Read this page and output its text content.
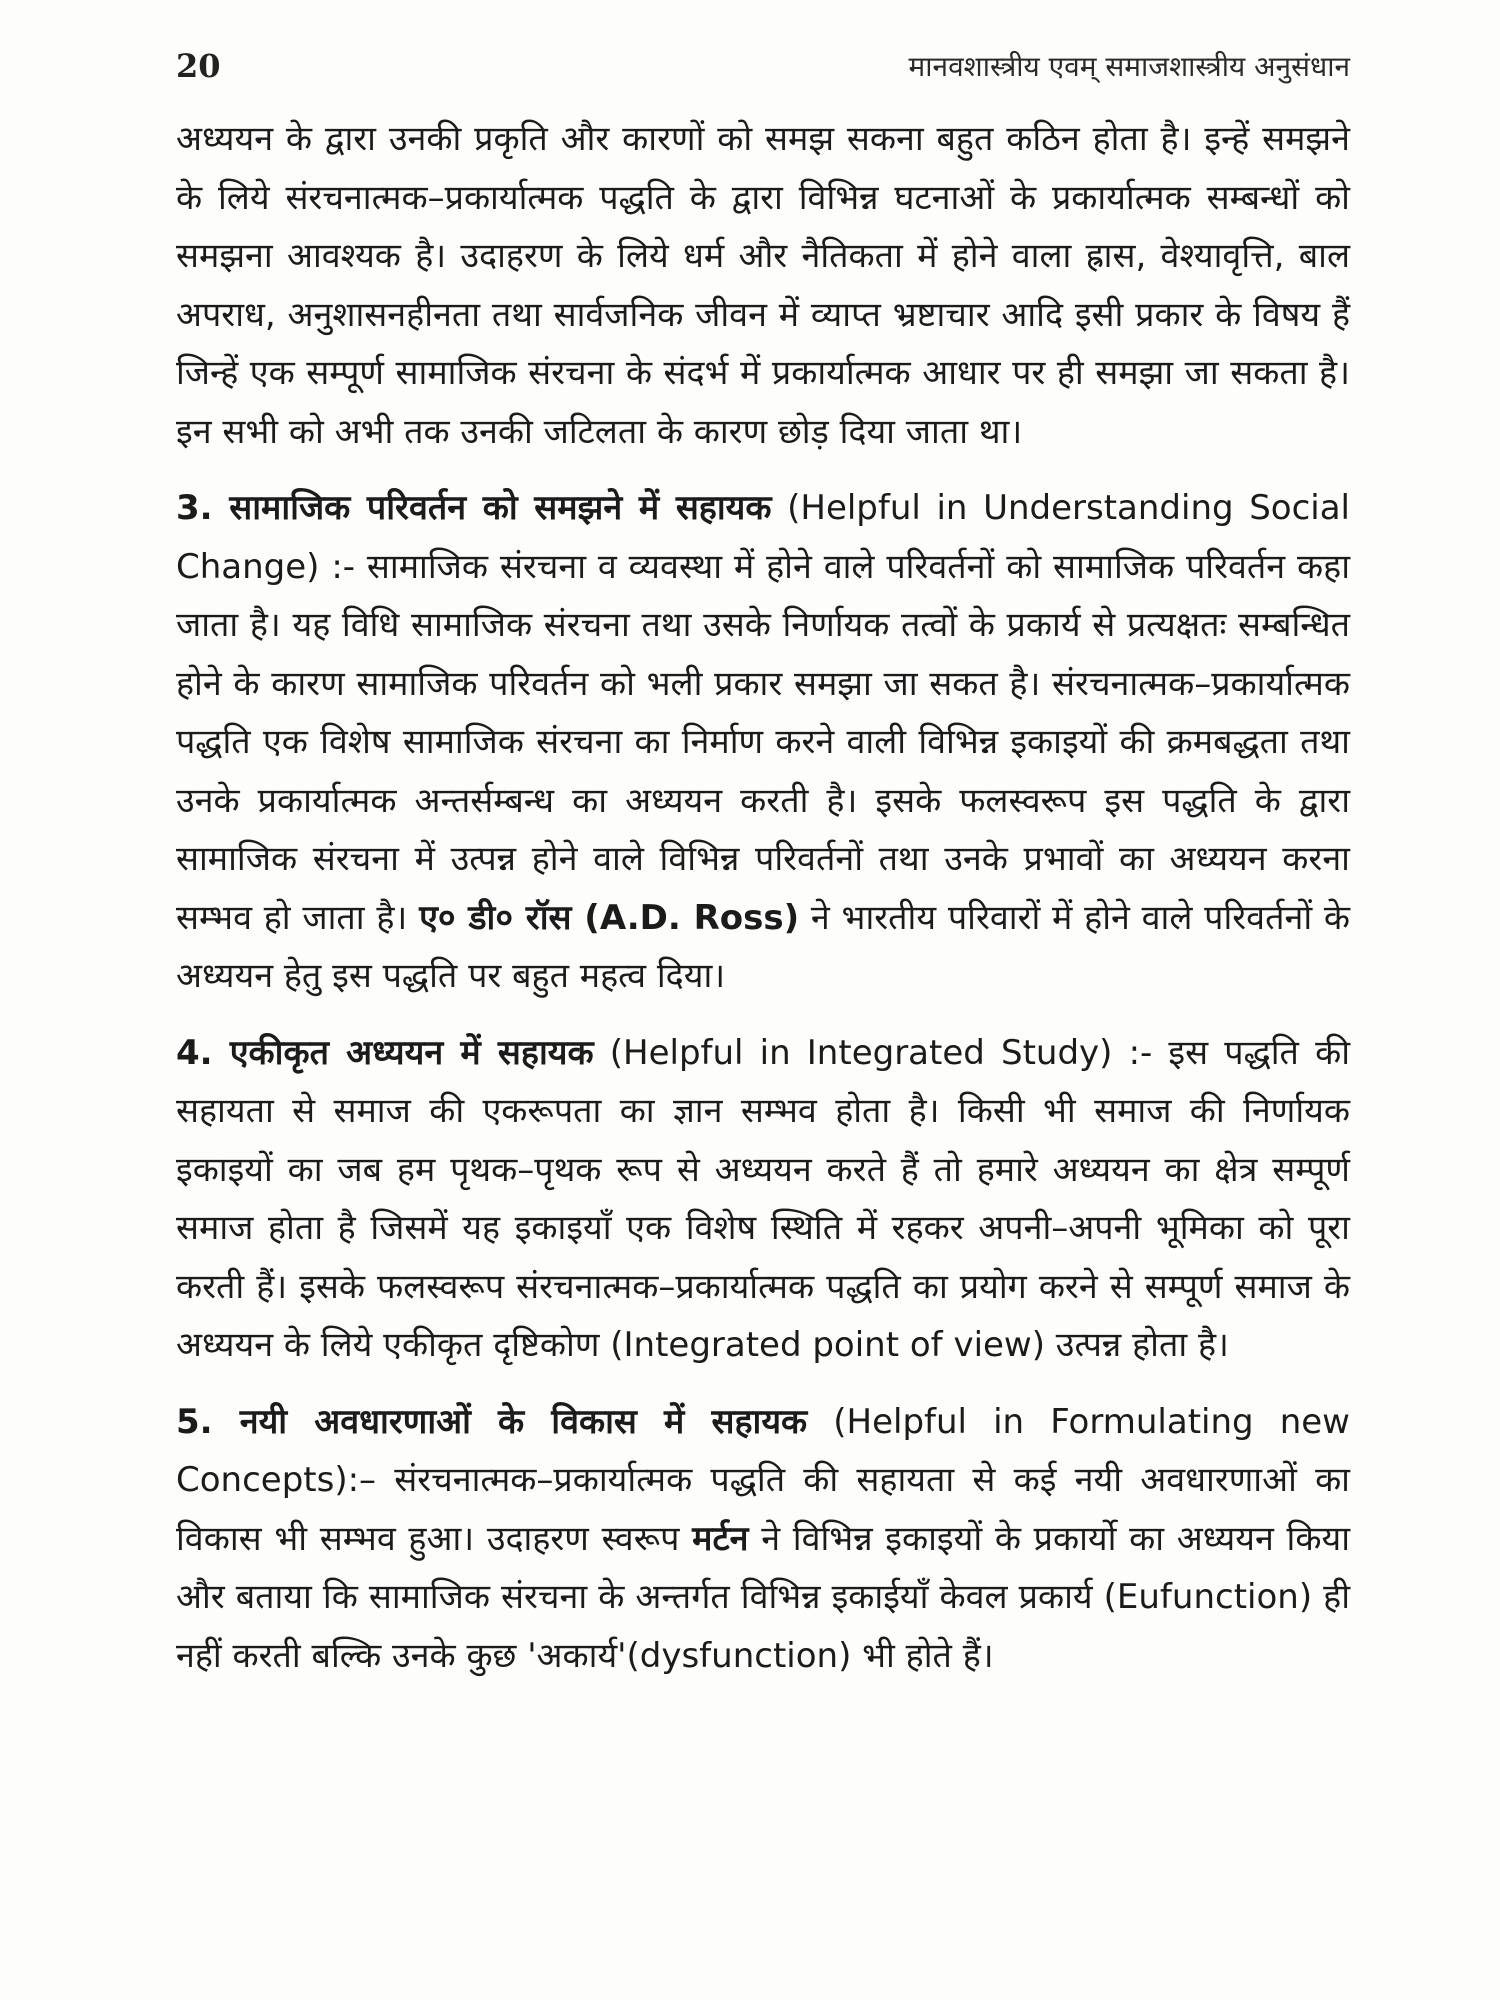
20	मानवशास्त्रीय एवम् समाजशास्त्रीय अनुसंधान

अध्ययन के द्वारा उनकी प्रकृति और कारणों को समझ सकना बहुत कठिन होता है। इन्हें समझने के लिये संरचनात्मक–प्रकार्यात्मक पद्धति के द्वारा विभिन्न घटनाओं के प्रकार्यात्मक सम्बन्धों को समझना आवश्यक है। उदाहरण के लिये धर्म और नैतिकता में होने वाला ह्रास, वेश्यावृत्ति, बाल अपराध, अनुशासनहीनता तथा सार्वजनिक जीवन में व्याप्त भ्रष्टाचार आदि इसी प्रकार के विषय हैं जिन्हें एक सम्पूर्ण सामाजिक संरचना के संदर्भ में प्रकार्यात्मक आधार पर ही समझा जा सकता है। इन सभी को अभी तक उनकी जटिलता के कारण छोड़ दिया जाता था।

3. सामाजिक परिवर्तन को समझने में सहायक (Helpful in Understanding Social Change) :- सामाजिक संरचना व व्यवस्था में होने वाले परिवर्तनों को सामाजिक परिवर्तन कहा जाता है। यह विधि सामाजिक संरचना तथा उसके निर्णायक तत्वों के प्रकार्य से प्रत्यक्षतः सम्बन्धित होने के कारण सामाजिक परिवर्तन को भली प्रकार समझा जा सकत है। संरचनात्मक–प्रकार्यात्मक पद्धति एक विशेष सामाजिक संरचना का निर्माण करने वाली विभिन्न इकाइयों की क्रमबद्धता तथा उनके प्रकार्यात्मक अन्तर्सम्बन्ध का अध्ययन करती है। इसके फलस्वरूप इस पद्धति के द्वारा सामाजिक संरचना में उत्पन्न होने वाले विभिन्न परिवर्तनों तथा उनके प्रभावों का अध्ययन करना सम्भव हो जाता है। ए० डी० रॉस (A.D. Ross) ने भारतीय परिवारों में होने वाले परिवर्तनों के अध्ययन हेतु इस पद्धति पर बहुत महत्व दिया।

4. एकीकृत अध्ययन में सहायक (Helpful in Integrated Study) :- इस पद्धति की सहायता से समाज की एकरूपता का ज्ञान सम्भव होता है। किसी भी समाज की निर्णायक इकाइयों का जब हम पृथक–पृथक रूप से अध्ययन करते हैं तो हमारे अध्ययन का क्षेत्र सम्पूर्ण समाज होता है जिसमें यह इकाइयाँ एक विशेष स्थिति में रहकर अपनी–अपनी भूमिका को पूरा करती हैं। इसके फलस्वरूप संरचनात्मक–प्रकार्यात्मक पद्धति का प्रयोग करने से सम्पूर्ण समाज के अध्ययन के लिये एकीकृत दृष्टिकोण (Integrated point of view) उत्पन्न होता है।

5. नयी अवधारणाओं के विकास में सहायक (Helpful in Formulating new Concepts):– संरचनात्मक–प्रकार्यात्मक पद्धति की सहायता से कई नयी अवधारणाओं का विकास भी सम्भव हुआ। उदाहरण स्वरूप मर्टन ने विभिन्न इकाइयों के प्रकार्यो का अध्ययन किया और बताया कि सामाजिक संरचना के अन्तर्गत विभिन्न इकाईयाँ केवल प्रकार्य (Eufunction) ही नहीं करती बल्कि उनके कुछ 'अकार्य'(dysfunction) भी होते हैं।
